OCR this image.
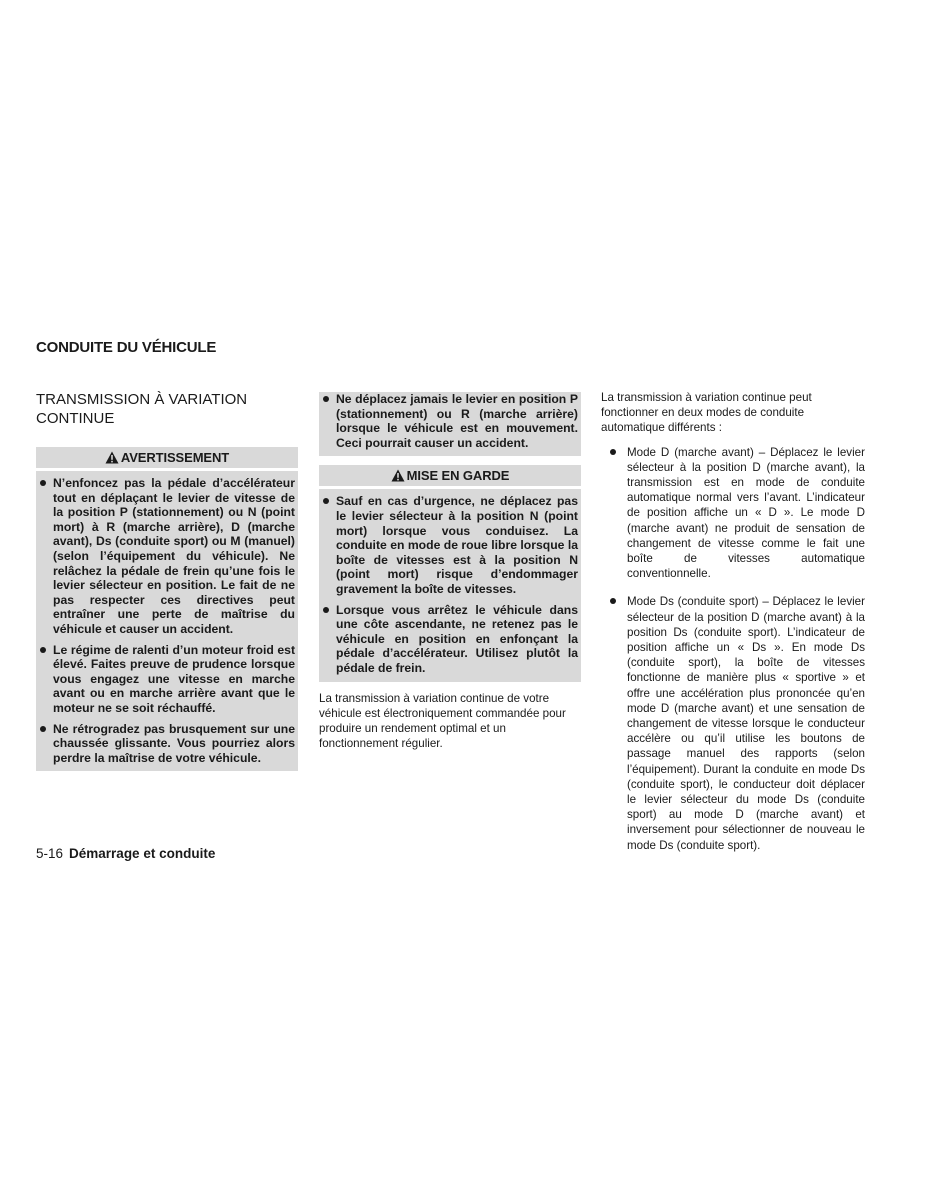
CONDUITE DU VÉHICULE
TRANSMISSION À VARIATION CONTINUE
AVERTISSEMENT
N’enfoncez pas la pédale d’accélérateur tout en déplaçant le levier de vitesse de la position P (stationnement) ou N (point mort) à R (marche arrière), D (marche avant), Ds (conduite sport) ou M (manuel) (selon l’équipement du véhicule). Ne relâchez la pédale de frein qu’une fois le levier sélecteur en position. Le fait de ne pas respecter ces directives peut entraîner une perte de maîtrise du véhicule et causer un accident.
Le régime de ralenti d’un moteur froid est élevé. Faites preuve de prudence lorsque vous engagez une vitesse en marche avant ou en marche arrière avant que le moteur ne se soit réchauffé.
Ne rétrogradez pas brusquement sur une chaussée glissante. Vous pourriez alors perdre la maîtrise de votre véhicule.
Ne déplacez jamais le levier en position P (stationnement) ou R (marche arrière) lorsque le véhicule est en mouvement. Ceci pourrait causer un accident.
MISE EN GARDE
Sauf en cas d’urgence, ne déplacez pas le levier sélecteur à la position N (point mort) lorsque vous conduisez. La conduite en mode de roue libre lorsque la boîte de vitesses est à la position N (point mort) risque d’endommager gravement la boîte de vitesses.
Lorsque vous arrêtez le véhicule dans une côte ascendante, ne retenez pas le véhicule en position en enfonçant la pédale d’accélérateur. Utilisez plutôt la pédale de frein.

La transmission à variation continue de votre véhicule est électroniquement commandée pour produire un rendement optimal et un fonctionnement régulier.

La transmission à variation continue peut fonctionner en deux modes de conduite automatique différents :

Mode D (marche avant) – Déplacez le levier sélecteur à la position D (marche avant), la transmission est en mode de conduite automatique normal vers l’avant. L’indicateur de position affiche un « D ». Le mode D (marche avant) ne produit de sensation de changement de vitesse comme le fait une boîte de vitesses automatique conventionnelle.
Mode Ds (conduite sport) – Déplacez le levier sélecteur de la position D (marche avant) à la position Ds (conduite sport). L’indicateur de position affiche un « Ds ». En mode Ds (conduite sport), la boîte de vitesses fonctionne de manière plus « sportive » et offre une accélération plus prononcée qu’en mode D (marche avant) et une sensation de changement de vitesse lorsque le conducteur accélère ou qu’il utilise les boutons de passage manuel des rapports (selon l’équipement). Durant la conduite en mode Ds (conduite sport), le conducteur doit déplacer le levier sélecteur du mode Ds (conduite sport) au mode D (marche avant) et inversement pour sélectionner de nouveau le mode Ds (conduite sport).
5-16 Démarrage et conduite
